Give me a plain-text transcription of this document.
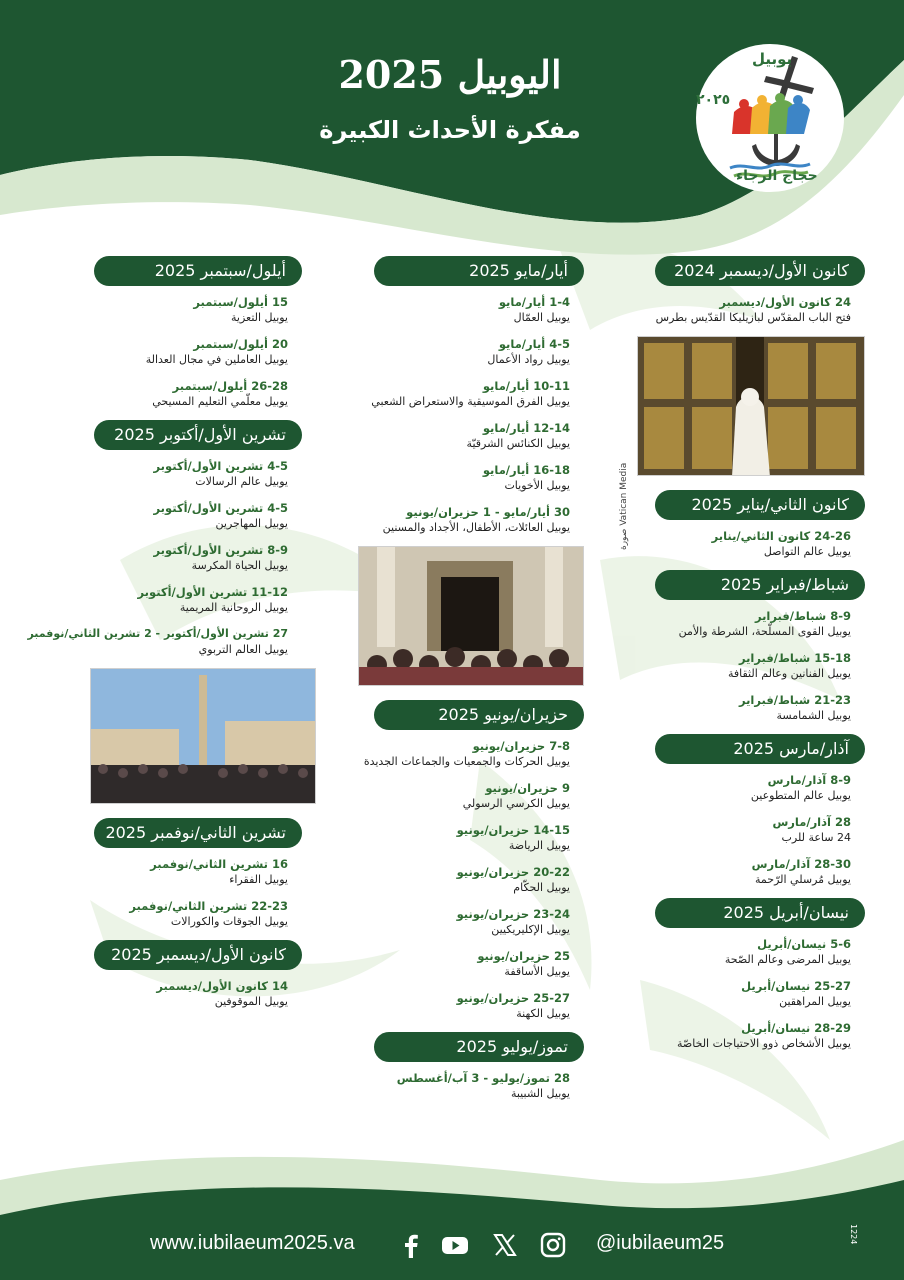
اليوبيل 2025
مفكرة الأحداث الكبيرة
يوبيل
٢٠٢٥
حجاج الرجاء
كانون الأول/ديسمبر 2024
24 كانون الأول/ديسمبر
فتح الباب المقدّس لبازيليكا القدّيس بطرس
كانون الثاني/يناير 2025
24-26 كانون الثاني/يناير
يوبيل عالم التواصل
شباط/فبراير 2025
8-9 شباط/فبراير
يوبيل القوى المسلّحة، الشرطة والأمن
15-18 شباط/فبراير
يوبيل الفنانين وعالم الثقافة
21-23 شباط/فبراير
يوبيل الشمامسة
آذار/مارس 2025
8-9 آذار/مارس
يوبيل عالم المتطوعين
28 آذار/مارس
24 ساعة للرب
28-30 آذار/مارس
يوبيل مُرسلي الرّحمة
نيسان/أبريل 2025
5-6 نيسان/أبريل
يوبيل المرضى وعالم الصّحة
25-27 نيسان/أبريل
يوبيل المراهقين
28-29 نيسان/أبريل
يوبيل الأشخاص ذوو الاحتياجات الخاصّة
صورة Vatican Media
أيار/مايو 2025
1-4 أيار/مايو
يوبيل العمّال
4-5 أيار/مايو
يوبيل رواد الأعمال
10-11 أيار/مايو
يوبيل الفرق الموسيقية والاستعراض الشعبي
12-14 أيار/مايو
يوبيل الكنائس الشرقيّة
16-18 أيار/مايو
يوبيل الأخويات
30 أيار/مايو - 1 حزيران/يونيو
يوبيل العائلات، الأطفال، الأجداد والمسنين
حزيران/يونيو 2025
7-8 حزيران/يونيو
يوبيل الحركات والجمعيات والجماعات الجديدة
9 حزيران/يونيو
يوبيل الكرسي الرسولي
14-15 حزيران/يونيو
يوبيل الرياضة
20-22 حزيران/يونيو
يوبيل الحكّام
23-24 حزيران/يونيو
يوبيل الإكليريكيين
25 حزيران/يونيو
يوبيل الأساقفة
25-27 حزيران/يونيو
يوبيل الكهنة
تموز/يوليو 2025
28 تموز/يوليو - 3 آب/أغسطس
يوبيل الشبيبة
أيلول/سبتمبر 2025
15 أيلول/سبتمبر
يوبيل التعزية
20 أيلول/سبتمبر
يوبيل العاملين في مجال العدالة
26-28 أيلول/سبتمبر
يوبيل معلّمي التعليم المسيحي
تشرين الأول/أكتوبر 2025
4-5 تشرين الأول/أكتوبر
يوبيل عالم الرسالات
4-5 تشرين الأول/أكتوبر
يوبيل المهاجرين
8-9 تشرين الأول/أكتوبر
يوبيل الحياة المكرسة
11-12 تشرين الأول/أكتوبر
يوبيل الروحانية المريمية
27 تشرين الأول/أكتوبر - 2 تشرين الثاني/نوفمبر
يوبيل العالم التربوي
تشرين الثاني/نوفمبر 2025
16 تشرين الثاني/نوفمبر
يوبيل الفقراء
22-23 تشرين الثاني/نوفمبر
يوبيل الجوقات والكورالات
كانون الأول/ديسمبر 2025
14 كانون الأول/ديسمبر
يوبيل الموقوفين
www.iubilaeum2025.va	@iubilaeum25	1224
